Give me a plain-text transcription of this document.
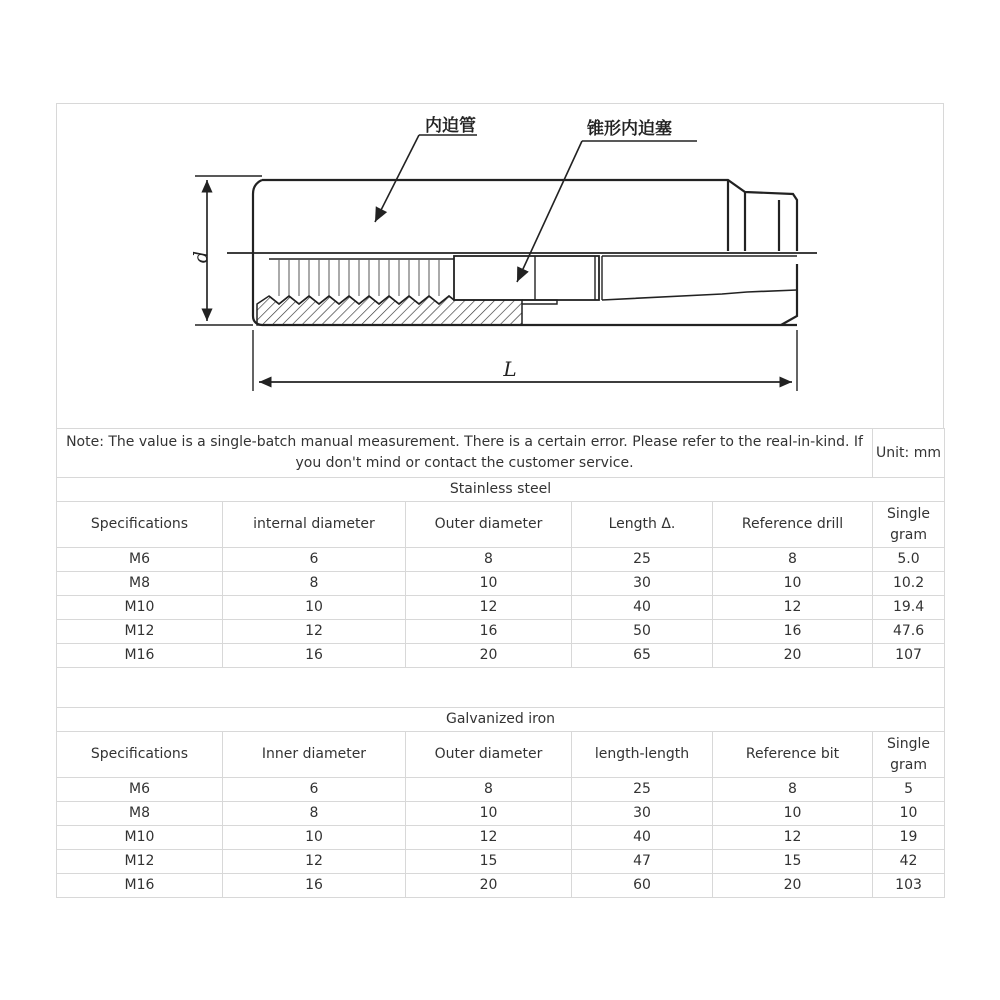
内迫管	锥形内迫塞
d
L
Note: The value is a single-batch manual measurement. There is a certain error. Please refer to the real-in-kind. If you don't mind or contact the customer service.					Unit: mm
Stainless steel					
Specifications	internal diameter	Outer diameter	Length Δ.	Reference drill	Single gram
M6	6	8	25	8	5.0
M8	8	10	30	10	10.2
M10	10	12	40	12	19.4
M12	12	16	50	16	47.6
M16	16	20	65	20	107

Galvanized iron					
Specifications	Inner diameter	Outer diameter	length-length	Reference bit	Single gram
M6	6	8	25	8	5
M8	8	10	30	10	10
M10	10	12	40	12	19
M12	12	15	47	15	42
M16	16	20	60	20	103
